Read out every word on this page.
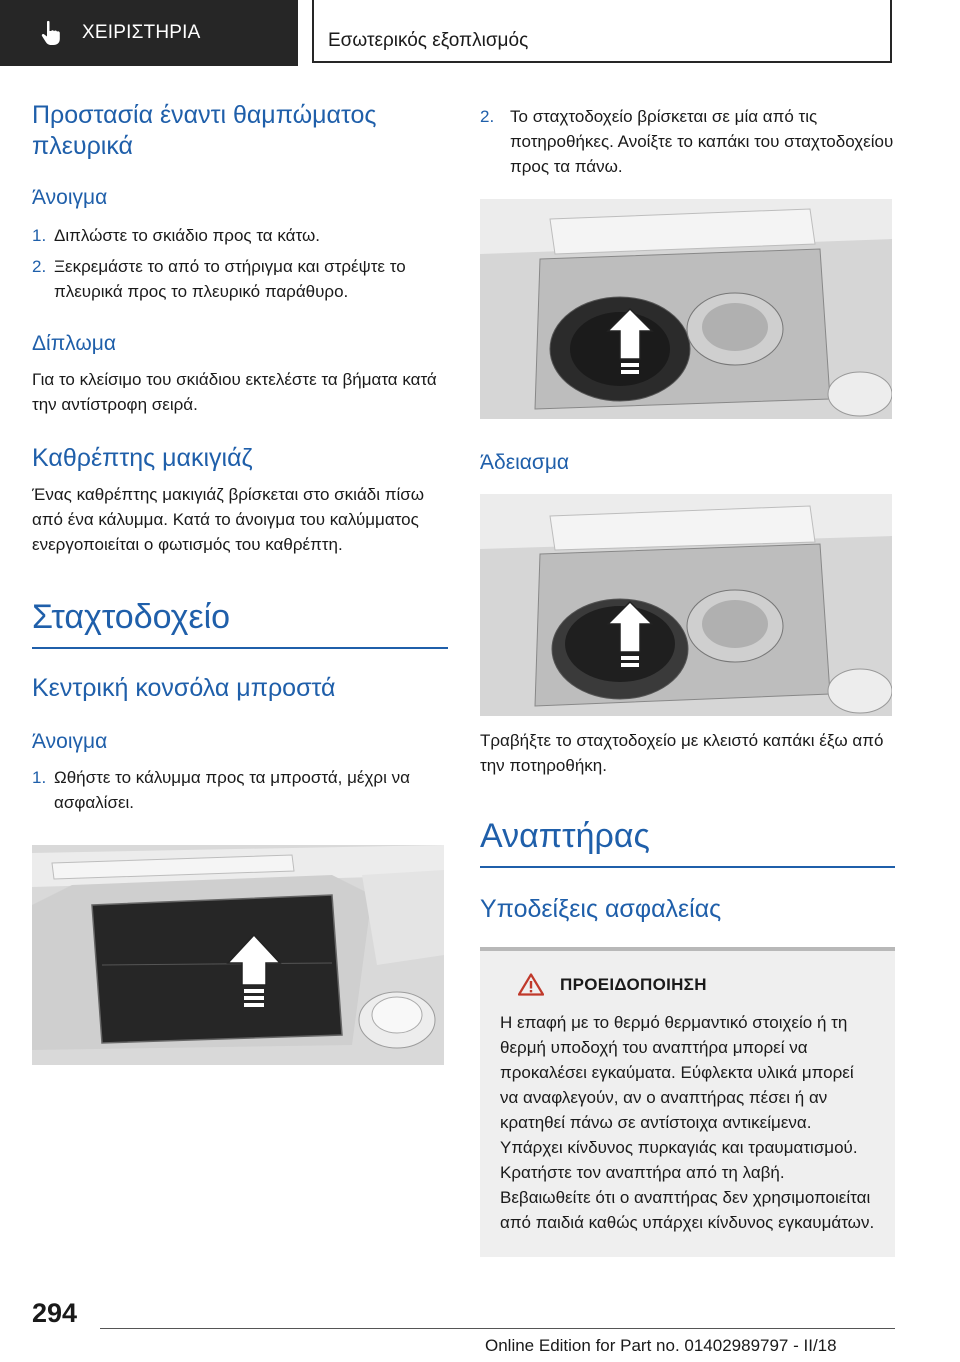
ΧΕΙΡΙΣΤΗΡΙΑ	Εσωτερικός εξοπλισμός
Προστασία έναντι θαμπώματος πλευρικά
Άνοιγμα
1. Διπλώστε το σκιάδιο προς τα κάτω.
2. Ξεκρεμάστε το από το στήριγμα και στρέψτε το πλευρικά προς το πλευρικό παράθυρο.
Δίπλωμα

Για το κλείσιμο του σκιάδιου εκτελέστε τα βήματα κατά την αντίστροφη σειρά.

Καθρέπτης μακιγιάζ

Ένας καθρέπτης μακιγιάζ βρίσκεται στο σκιάδι πίσω από ένα κάλυμμα. Κατά το άνοιγμα του καλύμματος ενεργοποιείται ο φωτισμός του καθρέπτη.

Σταχτοδοχείο
Κεντρική κονσόλα μπροστά
Άνοιγμα
1. Ωθήστε το κάλυμμα προς τα μπροστά, μέχρι να ασφαλίσει.
2. Το σταχτοδοχείο βρίσκεται σε μία από τις ποτηροθήκες. Ανοίξτε το καπάκι του σταχτοδοχείου προς τα πάνω.
Άδειασμα

Τραβήξτε το σταχτοδοχείο με κλειστό καπάκι έξω από την ποτηροθήκη.

Αναπτήρας
Υποδείξεις ασφαλείας
ΠΡΟΕΙΔΟΠΟΙΗΣΗ

Η επαφή με το θερμό θερμαντικό στοιχείο ή τη θερμή υποδοχή του αναπτήρα μπορεί να προκαλέσει εγκαύματα. Εύφλεκτα υλικά μπορεί να αναφλεγούν, αν ο αναπτήρας πέσει ή αν κρατηθεί πάνω σε αντίστοιχα αντικείμενα. Υπάρχει κίνδυνος πυρκαγιάς και τραυματισμού. Κρατήστε τον αναπτήρα από τη λαβή. Βεβαιωθείτε ότι ο αναπτήρας δεν χρησιμοποιείται από παιδιά καθώς υπάρχει κίνδυνος εγκαυμάτων.

294
Online Edition for Part no. 01402989797 - II/18
